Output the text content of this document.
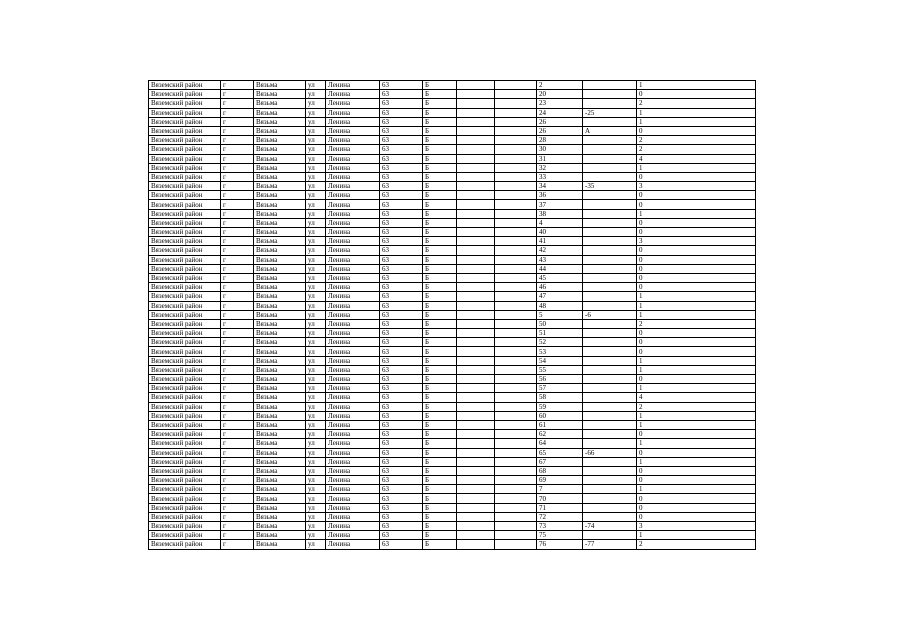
Вяземский район	г	Вязьма	ул	Ленина	63	Б			2		1
Вяземский район	г	Вязьма	ул	Ленина	63	Б			20		0
Вяземский район	г	Вязьма	ул	Ленина	63	Б			23		2
Вяземский район	г	Вязьма	ул	Ленина	63	Б			24	-25	1
Вяземский район	г	Вязьма	ул	Ленина	63	Б			26		1
Вяземский район	г	Вязьма	ул	Ленина	63	Б			26	А	0
Вяземский район	г	Вязьма	ул	Ленина	63	Б			28		2
Вяземский район	г	Вязьма	ул	Ленина	63	Б			30		2
Вяземский район	г	Вязьма	ул	Ленина	63	Б			31		4
Вяземский район	г	Вязьма	ул	Ленина	63	Б			32		1
Вяземский район	г	Вязьма	ул	Ленина	63	Б			33		0
Вяземский район	г	Вязьма	ул	Ленина	63	Б			34	-35	3
Вяземский район	г	Вязьма	ул	Ленина	63	Б			36		0
Вяземский район	г	Вязьма	ул	Ленина	63	Б			37		0
Вяземский район	г	Вязьма	ул	Ленина	63	Б			38		1
Вяземский район	г	Вязьма	ул	Ленина	63	Б			4		0
Вяземский район	г	Вязьма	ул	Ленина	63	Б			40		0
Вяземский район	г	Вязьма	ул	Ленина	63	Б			41		3
Вяземский район	г	Вязьма	ул	Ленина	63	Б			42		0
Вяземский район	г	Вязьма	ул	Ленина	63	Б			43		0
Вяземский район	г	Вязьма	ул	Ленина	63	Б			44		0
Вяземский район	г	Вязьма	ул	Ленина	63	Б			45		0
Вяземский район	г	Вязьма	ул	Ленина	63	Б			46		0
Вяземский район	г	Вязьма	ул	Ленина	63	Б			47		1
Вяземский район	г	Вязьма	ул	Ленина	63	Б			48		1
Вяземский район	г	Вязьма	ул	Ленина	63	Б			5	-6	1
Вяземский район	г	Вязьма	ул	Ленина	63	Б			50		2
Вяземский район	г	Вязьма	ул	Ленина	63	Б			51		0
Вяземский район	г	Вязьма	ул	Ленина	63	Б			52		0
Вяземский район	г	Вязьма	ул	Ленина	63	Б			53		0
Вяземский район	г	Вязьма	ул	Ленина	63	Б			54		1
Вяземский район	г	Вязьма	ул	Ленина	63	Б			55		1
Вяземский район	г	Вязьма	ул	Ленина	63	Б			56		0
Вяземский район	г	Вязьма	ул	Ленина	63	Б			57		1
Вяземский район	г	Вязьма	ул	Ленина	63	Б			58		4
Вяземский район	г	Вязьма	ул	Ленина	63	Б			59		2
Вяземский район	г	Вязьма	ул	Ленина	63	Б			60		1
Вяземский район	г	Вязьма	ул	Ленина	63	Б			61		1
Вяземский район	г	Вязьма	ул	Ленина	63	Б			62		0
Вяземский район	г	Вязьма	ул	Ленина	63	Б			64		1
Вяземский район	г	Вязьма	ул	Ленина	63	Б			65	-66	0
Вяземский район	г	Вязьма	ул	Ленина	63	Б			67		1
Вяземский район	г	Вязьма	ул	Ленина	63	Б			68		0
Вяземский район	г	Вязьма	ул	Ленина	63	Б			69		0
Вяземский район	г	Вязьма	ул	Ленина	63	Б			7		1
Вяземский район	г	Вязьма	ул	Ленина	63	Б			70		0
Вяземский район	г	Вязьма	ул	Ленина	63	Б			71		0
Вяземский район	г	Вязьма	ул	Ленина	63	Б			72		0
Вяземский район	г	Вязьма	ул	Ленина	63	Б			73	-74	3
Вяземский район	г	Вязьма	ул	Ленина	63	Б			75		1
Вяземский район	г	Вязьма	ул	Ленина	63	Б			76	-77	2
